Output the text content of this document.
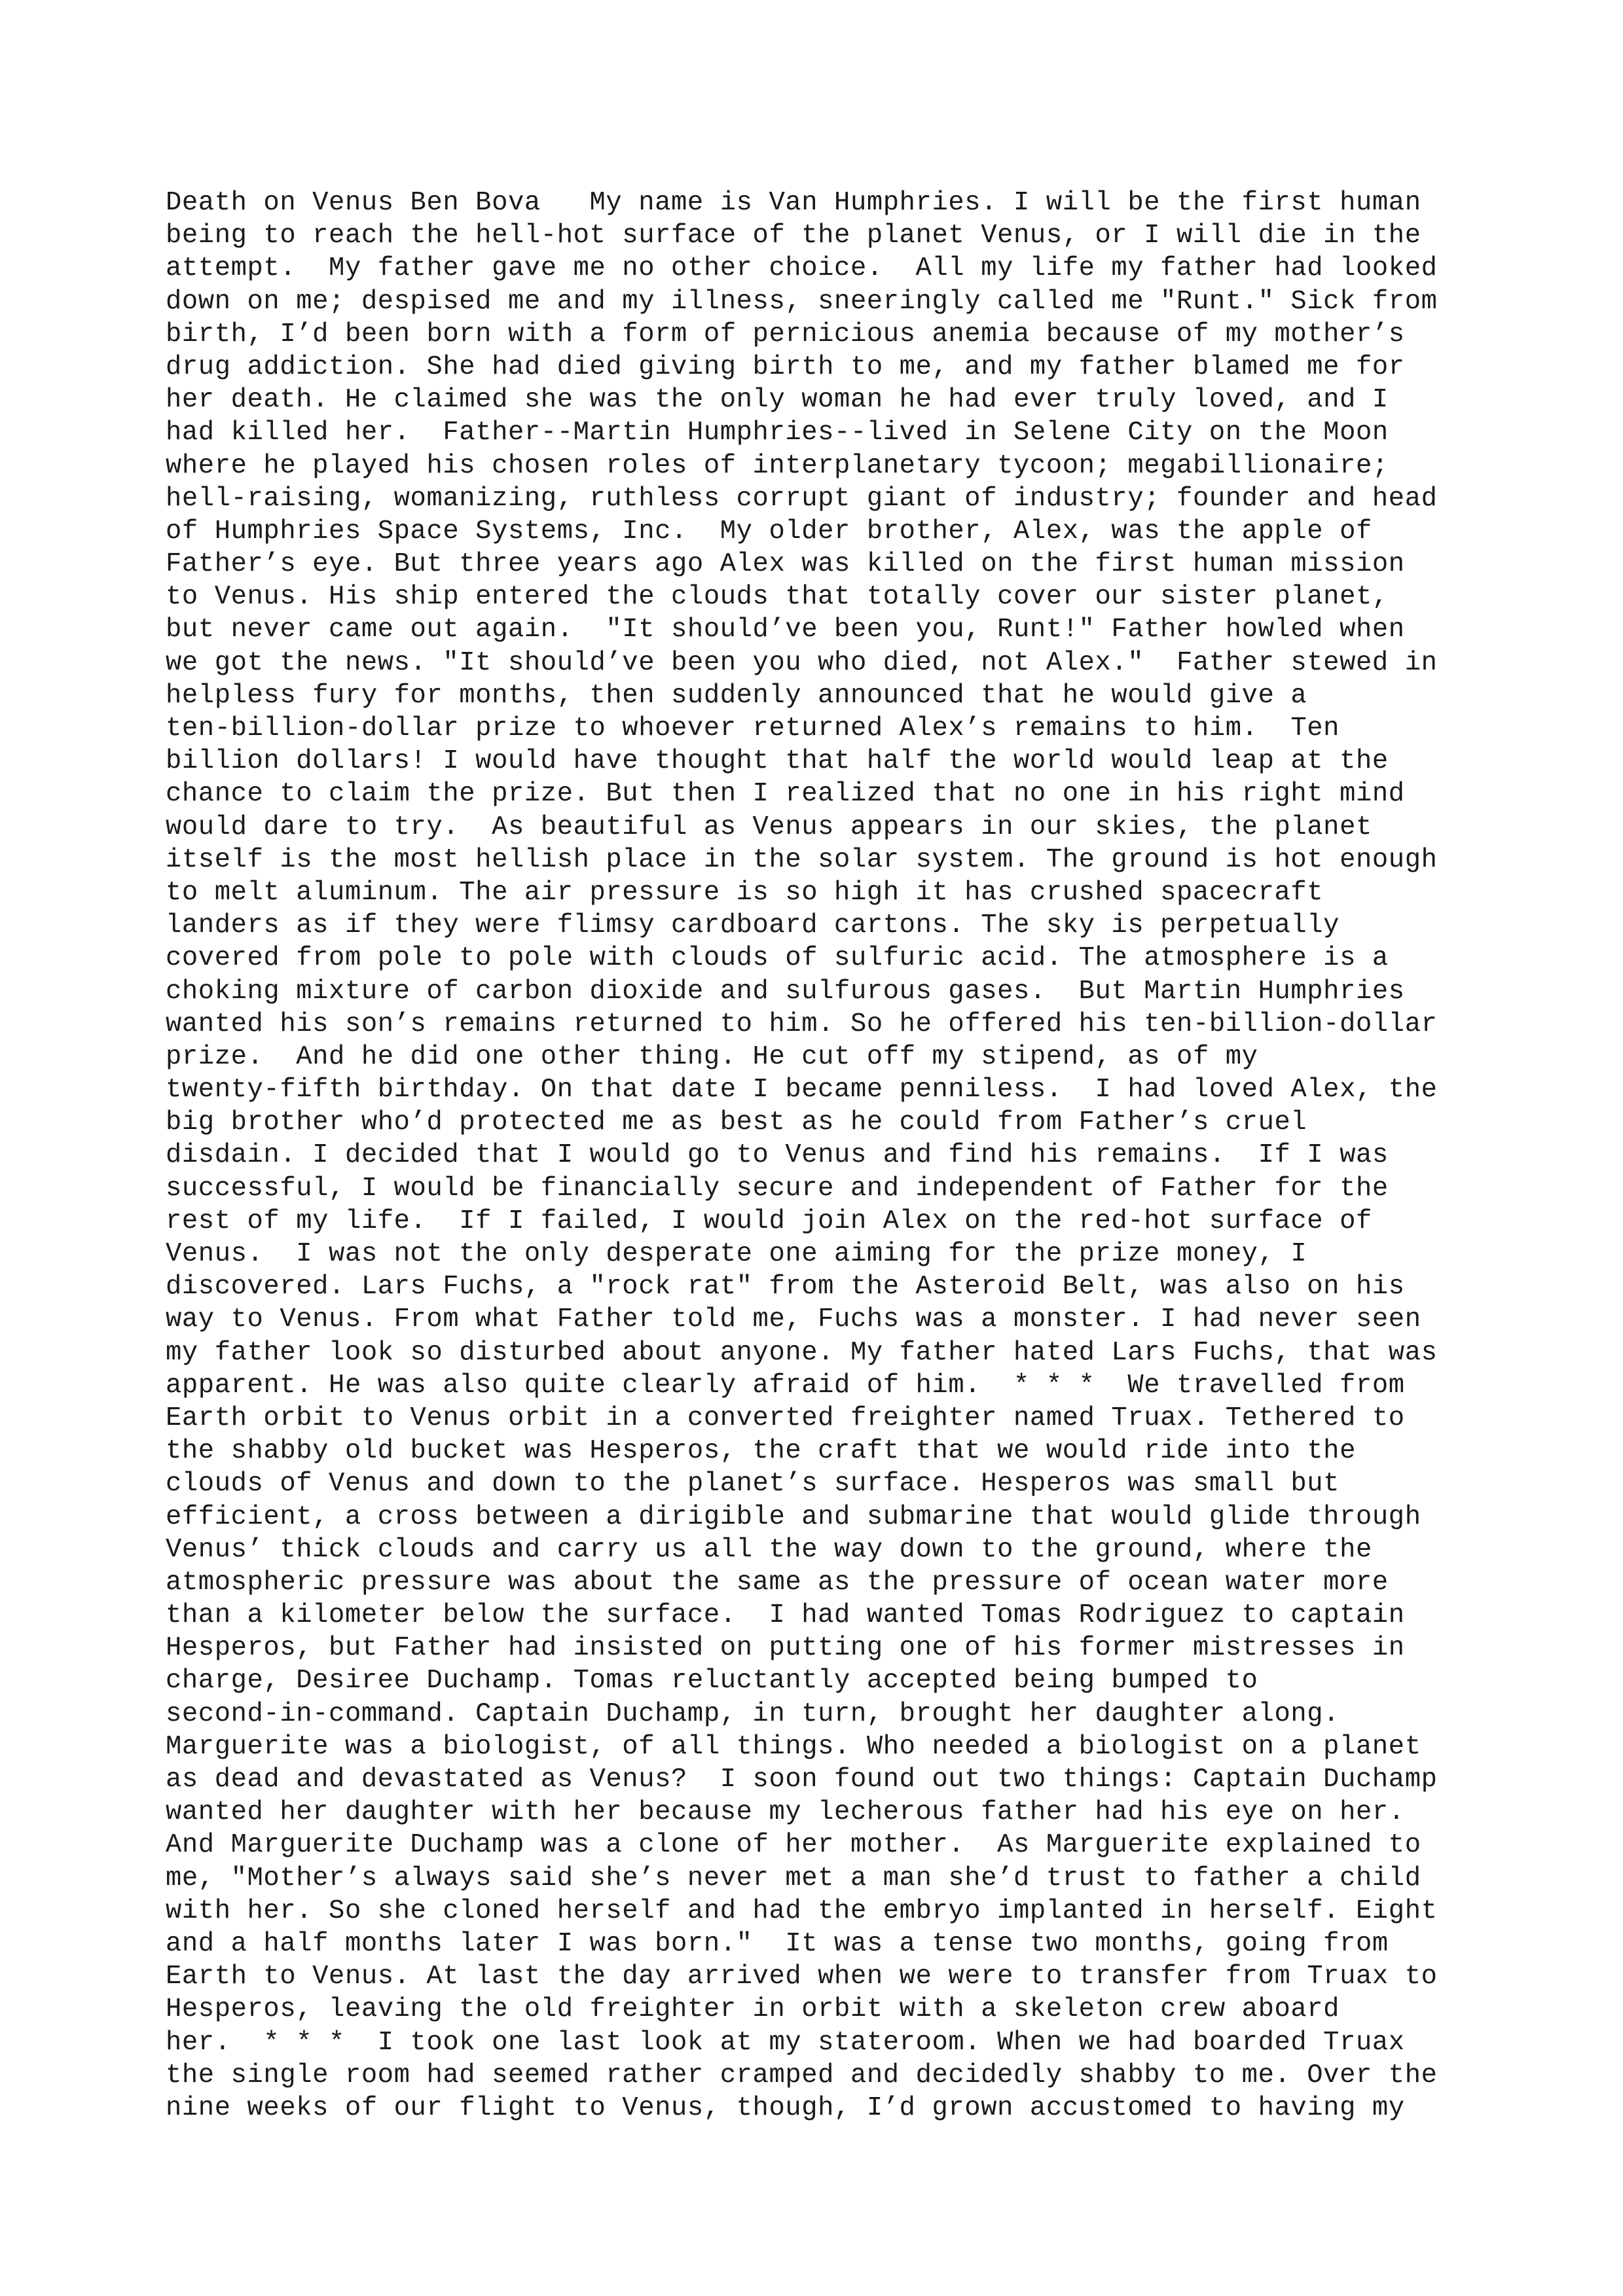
Death on Venus Ben Bova   My name is Van Humphries. I will be the first human
being to reach the hell-hot surface of the planet Venus, or I will die in the
attempt.  My father gave me no other choice.  All my life my father had looked
down on me; despised me and my illness, sneeringly called me "Runt." Sick from
birth, I’d been born with a form of pernicious anemia because of my mother’s
drug addiction. She had died giving birth to me, and my father blamed me for
her death. He claimed she was the only woman he had ever truly loved, and I
had killed her.  Father--Martin Humphries--lived in Selene City on the Moon
where he played his chosen roles of interplanetary tycoon; megabillionaire;
hell-raising, womanizing, ruthless corrupt giant of industry; founder and head
of Humphries Space Systems, Inc.  My older brother, Alex, was the apple of
Father’s eye. But three years ago Alex was killed on the first human mission
to Venus. His ship entered the clouds that totally cover our sister planet,
but never came out again.  "It should’ve been you, Runt!" Father howled when
we got the news. "It should’ve been you who died, not Alex."  Father stewed in
helpless fury for months, then suddenly announced that he would give a
ten-billion-dollar prize to whoever returned Alex’s remains to him.  Ten
billion dollars! I would have thought that half the world would leap at the
chance to claim the prize. But then I realized that no one in his right mind
would dare to try.  As beautiful as Venus appears in our skies, the planet
itself is the most hellish place in the solar system. The ground is hot enough
to melt aluminum. The air pressure is so high it has crushed spacecraft
landers as if they were flimsy cardboard cartons. The sky is perpetually
covered from pole to pole with clouds of sulfuric acid. The atmosphere is a
choking mixture of carbon dioxide and sulfurous gases.  But Martin Humphries
wanted his son’s remains returned to him. So he offered his ten-billion-dollar
prize.  And he did one other thing. He cut off my stipend, as of my
twenty-fifth birthday. On that date I became penniless.  I had loved Alex, the
big brother who’d protected me as best as he could from Father’s cruel
disdain. I decided that I would go to Venus and find his remains.  If I was
successful, I would be financially secure and independent of Father for the
rest of my life.  If I failed, I would join Alex on the red-hot surface of
Venus.  I was not the only desperate one aiming for the prize money, I
discovered. Lars Fuchs, a "rock rat" from the Asteroid Belt, was also on his
way to Venus. From what Father told me, Fuchs was a monster. I had never seen
my father look so disturbed about anyone. My father hated Lars Fuchs, that was
apparent. He was also quite clearly afraid of him.  * * *  We travelled from
Earth orbit to Venus orbit in a converted freighter named Truax. Tethered to
the shabby old bucket was Hesperos, the craft that we would ride into the
clouds of Venus and down to the planet’s surface. Hesperos was small but
efficient, a cross between a dirigible and submarine that would glide through
Venus’ thick clouds and carry us all the way down to the ground, where the
atmospheric pressure was about the same as the pressure of ocean water more
than a kilometer below the surface.  I had wanted Tomas Rodriguez to captain
Hesperos, but Father had insisted on putting one of his former mistresses in
charge, Desiree Duchamp. Tomas reluctantly accepted being bumped to
second-in-command. Captain Duchamp, in turn, brought her daughter along.
Marguerite was a biologist, of all things. Who needed a biologist on a planet
as dead and devastated as Venus?  I soon found out two things: Captain Duchamp
wanted her daughter with her because my lecherous father had his eye on her.
And Marguerite Duchamp was a clone of her mother.  As Marguerite explained to
me, "Mother’s always said she’s never met a man she’d trust to father a child
with her. So she cloned herself and had the embryo implanted in herself. Eight
and a half months later I was born."  It was a tense two months, going from
Earth to Venus. At last the day arrived when we were to transfer from Truax to
Hesperos, leaving the old freighter in orbit with a skeleton crew aboard
her.  * * *  I took one last look at my stateroom. When we had boarded Truax
the single room had seemed rather cramped and decidedly shabby to me. Over the
nine weeks of our flight to Venus, though, I’d grown accustomed to having my
